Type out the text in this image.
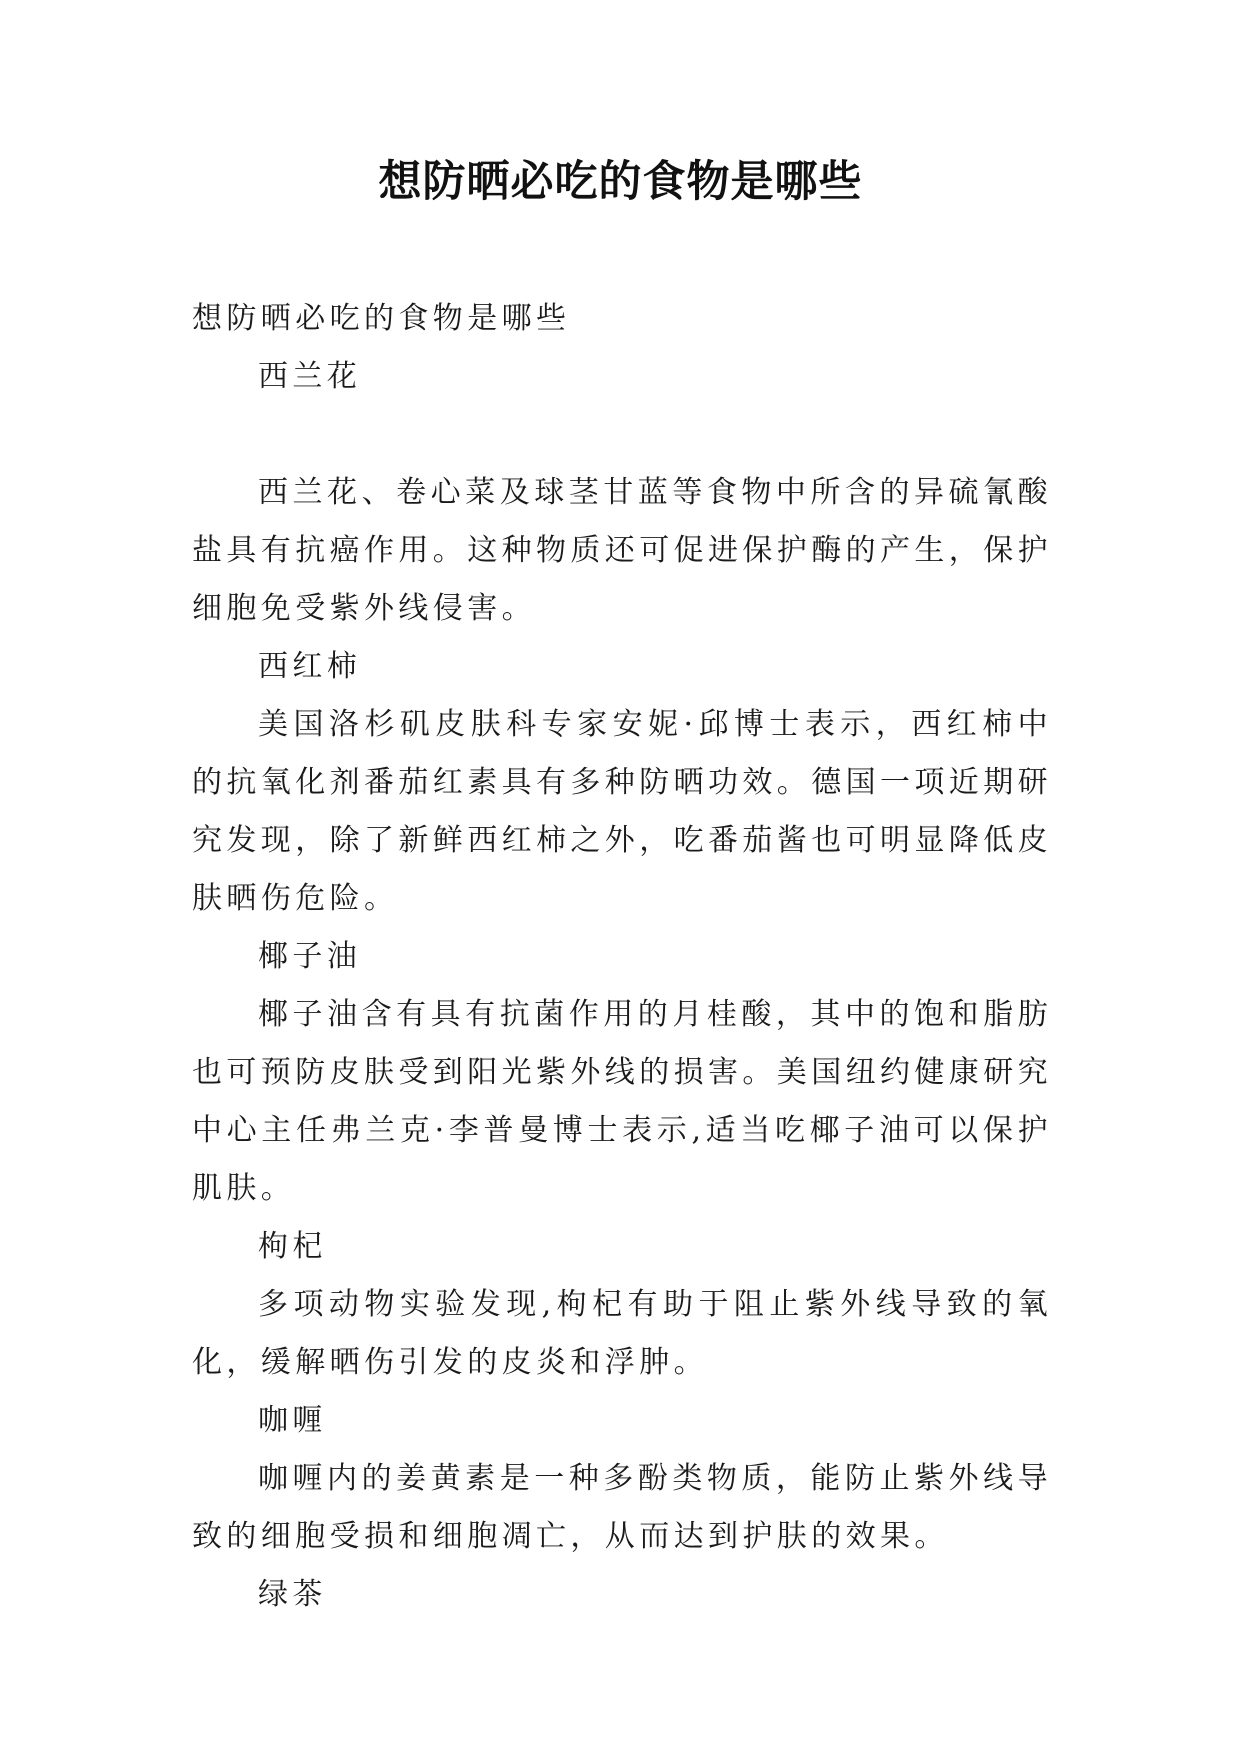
想防晒必吃的食物是哪些
想防晒必吃的食物是哪些
西兰花

西兰花、卷心菜及球茎甘蓝等食物中所含的异硫氰酸盐具有抗癌作用。这种物质还可促进保护酶的产生，保护细胞免受紫外线侵害。

西红柿

美国洛杉矶皮肤科专家安妮·邱博士表示，西红柿中的抗氧化剂番茄红素具有多种防晒功效。德国一项近期研究发现，除了新鲜西红柿之外，吃番茄酱也可明显降低皮肤晒伤危险。

椰子油

椰子油含有具有抗菌作用的月桂酸，其中的饱和脂肪也可预防皮肤受到阳光紫外线的损害。美国纽约健康研究中心主任弗兰克·李普曼博士表示,适当吃椰子油可以保护肌肤。

枸杞

多项动物实验发现,枸杞有助于阻止紫外线导致的氧化，缓解晒伤引发的皮炎和浮肿。

咖喱

咖喱内的姜黄素是一种多酚类物质，能防止紫外线导致的细胞受损和细胞凋亡，从而达到护肤的效果。

绿茶
